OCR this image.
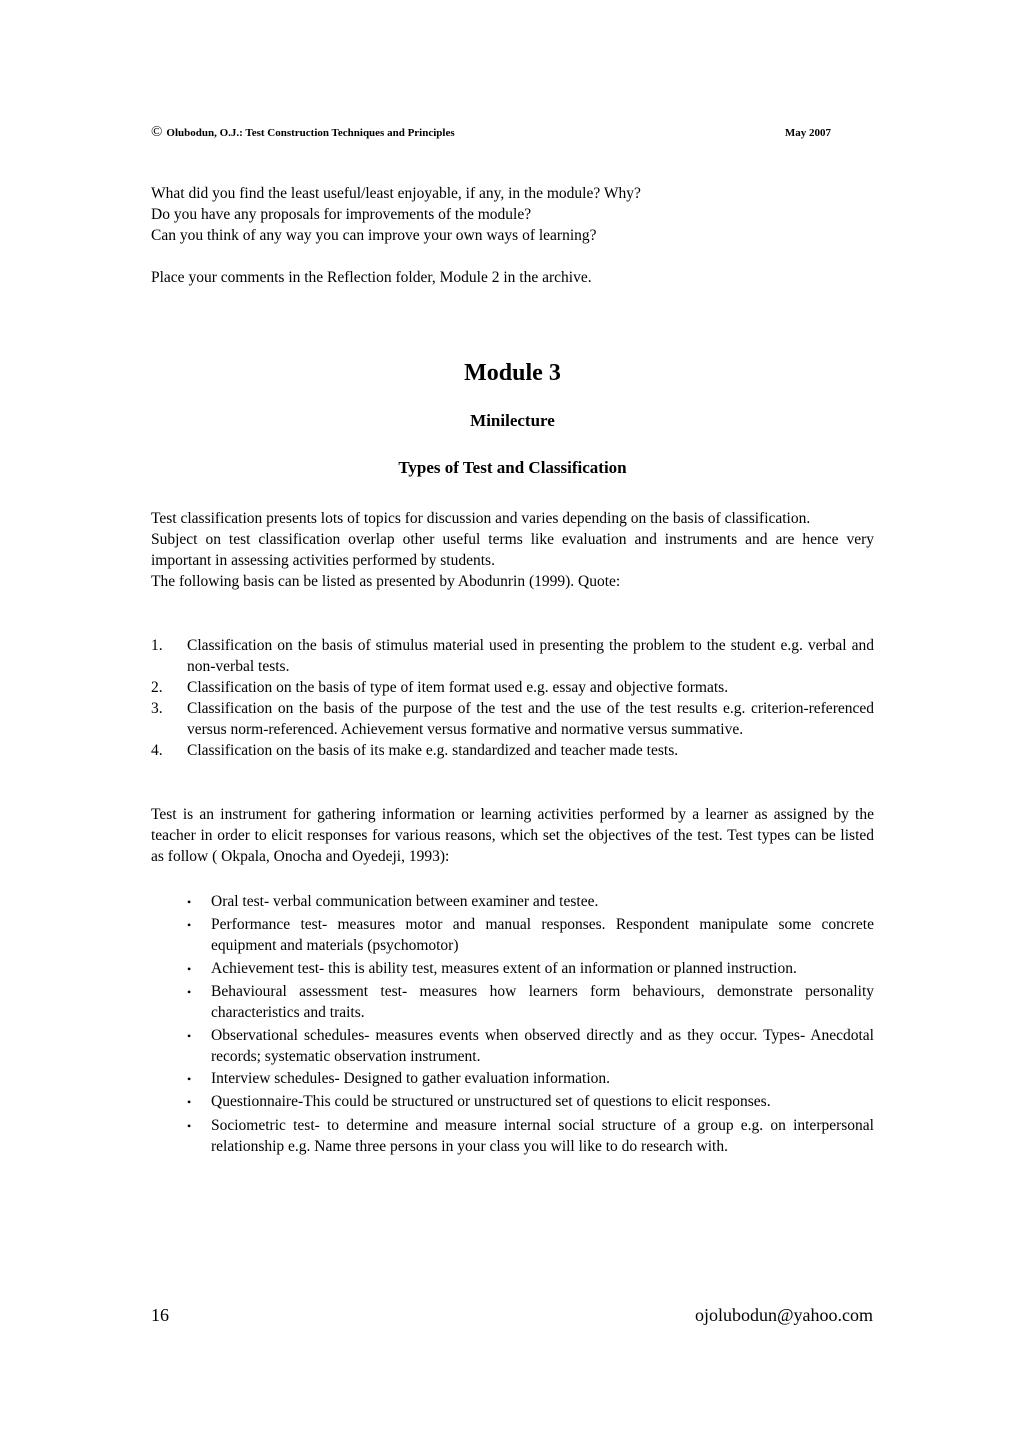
© Olubodun, O.J.: Test Construction Techniques and Principles	May 2007

What did you find the least useful/least enjoyable, if any, in the module? Why?

Do you have any proposals for improvements of the module?

Can you think of any way you can improve your own ways of learning?

Place your comments in the Reflection folder, Module 2 in the archive.

Module 3
Minilecture
Types of Test and Classification

Test classification presents lots of topics for discussion and varies depending on the basis of classification.

Subject on test classification overlap other useful terms like evaluation and instruments and are hence very important in assessing activities performed by students.

The following basis can be listed as presented by Abodunrin (1999). Quote:

1.	Classification on the basis of stimulus material used in presenting the problem to the student e.g. verbal and non-verbal tests.
2.	Classification on the basis of type of item format used e.g. essay and objective formats.
3.	Classification on the basis of the purpose of the test and the use of the test results e.g. criterion-referenced versus norm-referenced. Achievement versus formative and normative versus summative.
4.	Classification on the basis of its make e.g. standardized and teacher made tests.

Test is an instrument for gathering information or learning activities performed by a learner as assigned by the teacher in order to elicit responses for various reasons, which set the objectives of the test. Test types can be listed as follow ( Okpala, Onocha and Oyedeji, 1993):

•	Oral test- verbal communication between examiner and testee.
•	Performance test- measures motor and manual responses. Respondent manipulate some concrete equipment and materials (psychomotor)
•	Achievement test- this is ability test, measures extent of an information or planned instruction.
•	Behavioural assessment test- measures how learners form behaviours, demonstrate personality characteristics and traits.
•	Observational schedules- measures events when observed directly and as they occur. Types- Anecdotal records; systematic observation instrument.
•	Interview schedules- Designed to gather evaluation information.
•	Questionnaire-This could be structured or unstructured set of questions to elicit responses.
•	Sociometric test- to determine and measure internal social structure of a group e.g. on interpersonal relationship e.g. Name three persons in your class you will like to do research with.
16	ojolubodun@yahoo.com
